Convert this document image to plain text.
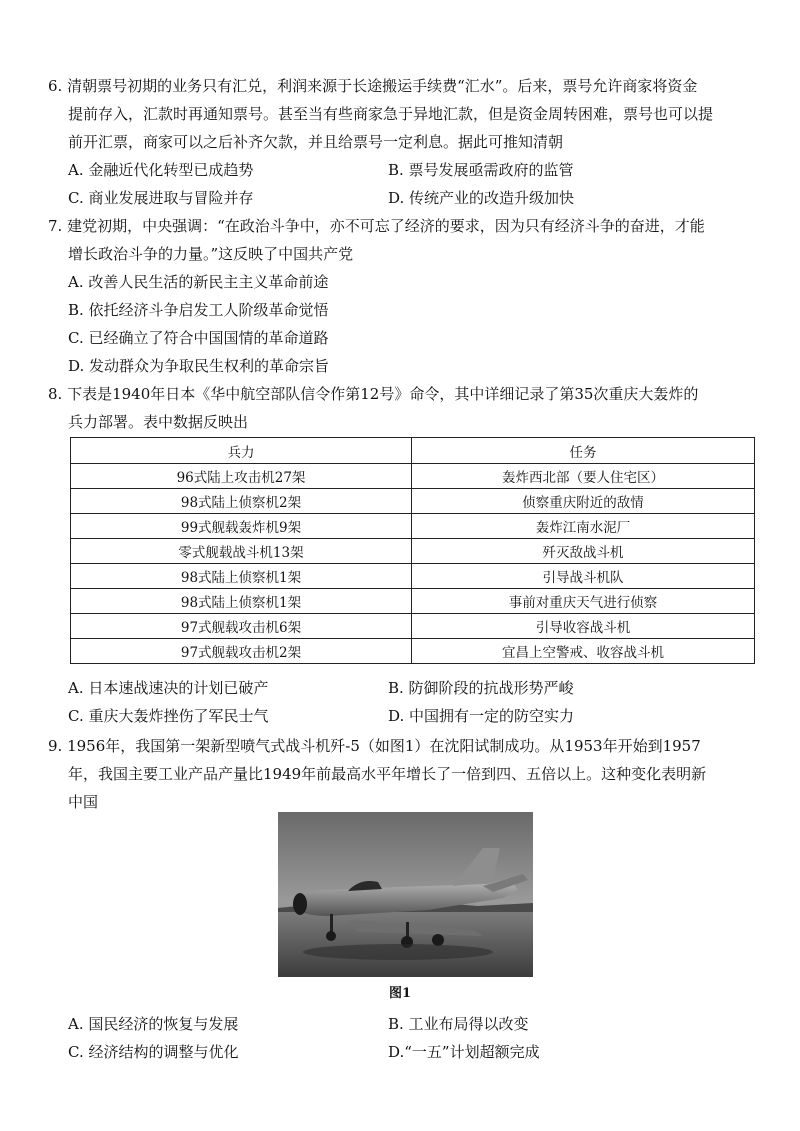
6. 清朝票号初期的业务只有汇兑，利润来源于长途搬运手续费“汇水”。后来，票号允许商家将资金
提前存入，汇款时再通知票号。甚至当有些商家急于异地汇款，但是资金周转困难，票号也可以提
前开汇票，商家可以之后补齐欠款，并且给票号一定利息。据此可推知清朝
A. 金融近代化转型已成趋势	B. 票号发展亟需政府的监管
C. 商业发展进取与冒险并存	D. 传统产业的改造升级加快
7. 建党初期，中央强调：“在政治斗争中，亦不可忘了经济的要求，因为只有经济斗争的奋进，才能
增长政治斗争的力量。”这反映了中国共产党
A. 改善人民生活的新民主主义革命前途
B. 依托经济斗争启发工人阶级革命觉悟
C. 已经确立了符合中国国情的革命道路
D. 发动群众为争取民生权利的革命宗旨
8. 下表是1940年日本《华中航空部队信令作第12号》命令，其中详细记录了第35次重庆大轰炸的
兵力部署。表中数据反映出
兵力	任务
96式陆上攻击机27架	轰炸西北部（要人住宅区）
98式陆上侦察机2架	侦察重庆附近的敌情
99式舰载轰炸机9架	轰炸江南水泥厂
零式舰载战斗机13架	歼灭敌战斗机
98式陆上侦察机1架	引导战斗机队
98式陆上侦察机1架	事前对重庆天气进行侦察
97式舰载攻击机6架	引导收容战斗机
97式舰载攻击机2架	宜昌上空警戒、收容战斗机
A. 日本速战速决的计划已破产	B. 防御阶段的抗战形势严峻
C. 重庆大轰炸挫伤了军民士气	D. 中国拥有一定的防空实力
9. 1956年，我国第一架新型喷气式战斗机歼-5（如图1）在沈阳试制成功。从1953年开始到1957
年，我国主要工业产品产量比1949年前最高水平年增长了一倍到四、五倍以上。这种变化表明新
中国
图1
A. 国民经济的恢复与发展	B. 工业布局得以改变
C. 经济结构的调整与优化	D.“一五”计划超额完成
